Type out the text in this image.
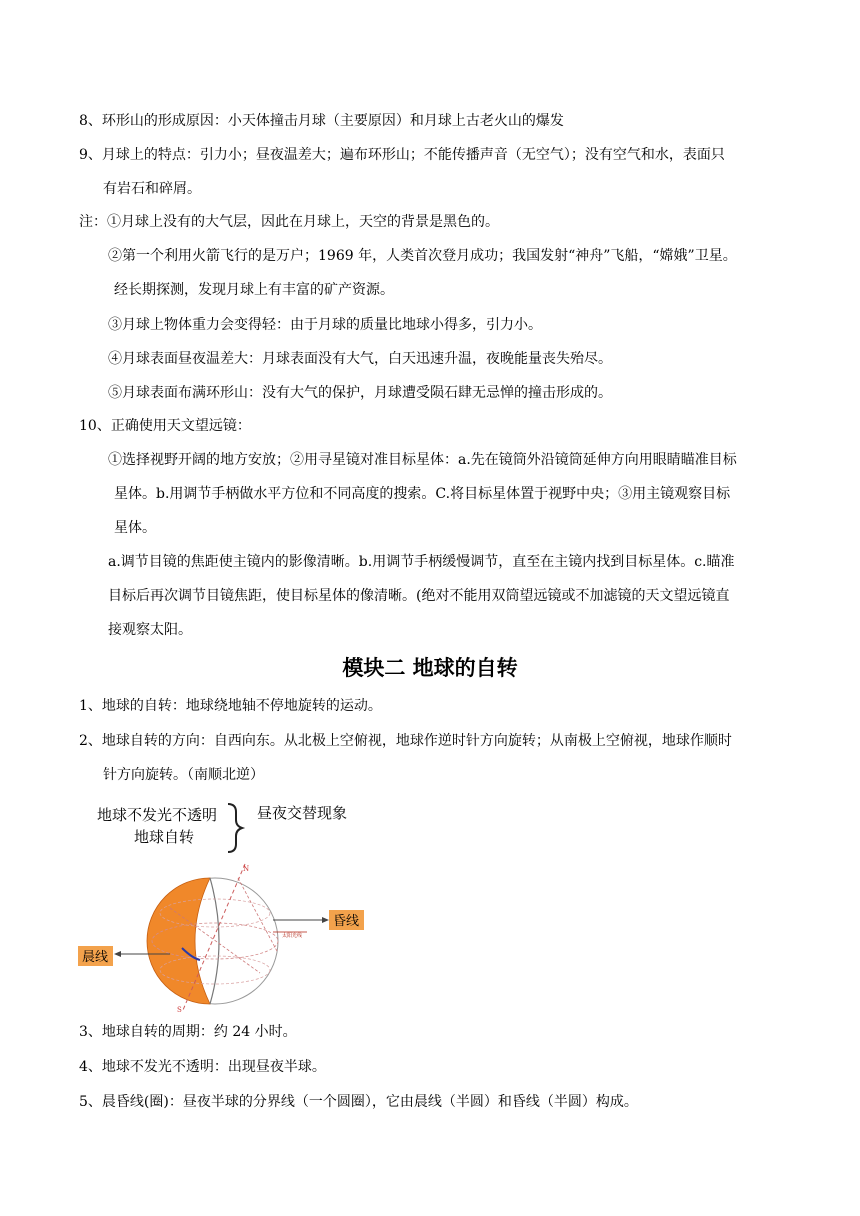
8、环形山的形成原因：小天体撞击月球（主要原因）和月球上古老火山的爆发
9、月球上的特点：引力小；昼夜温差大；遍布环形山；不能传播声音（无空气）；没有空气和水，表面只
有岩石和碎屑。
注：①月球上没有的大气层，因此在月球上，天空的背景是黑色的。
②第一个利用火箭飞行的是万户；1969 年，人类首次登月成功；我国发射“神舟”飞船，“嫦娥”卫星。
经长期探测，发现月球上有丰富的矿产资源。
③月球上物体重力会变得轻：由于月球的质量比地球小得多，引力小。
④月球表面昼夜温差大：月球表面没有大气，白天迅速升温，夜晚能量丧失殆尽。
⑤月球表面布满环形山：没有大气的保护，月球遭受陨石肆无忌惮的撞击形成的。
10、正确使用天文望远镜：
①选择视野开阔的地方安放；②用寻星镜对准目标星体：a.先在镜筒外沿镜筒延伸方向用眼睛瞄准目标
星体。b.用调节手柄做水平方位和不同高度的搜索。C.将目标星体置于视野中央；③用主镜观察目标
星体。
a.调节目镜的焦距使主镜内的影像清晰。b.用调节手柄缓慢调节，直至在主镜内找到目标星体。c.瞄准
目标后再次调节目镜焦距，使目标星体的像清晰。(绝对不能用双筒望远镜或不加滤镜的天文望远镜直
接观察太阳。
模块二 地球的自转
1、地球的自转：地球绕地轴不停地旋转的运动。
2、地球自转的方向：自西向东。从北极上空俯视，地球作逆时针方向旋转；从南极上空俯视，地球作顺时
针方向旋转。（南顺北逆）
地球不发光不透明
地球自转
昼夜交替现象
N
S
昏线
太阳光线
晨线
3、地球自转的周期：约 24 小时。
4、地球不发光不透明：出现昼夜半球。
5、晨昏线(圈)：昼夜半球的分界线（一个圆圈），它由晨线（半圆）和昏线（半圆）构成。
